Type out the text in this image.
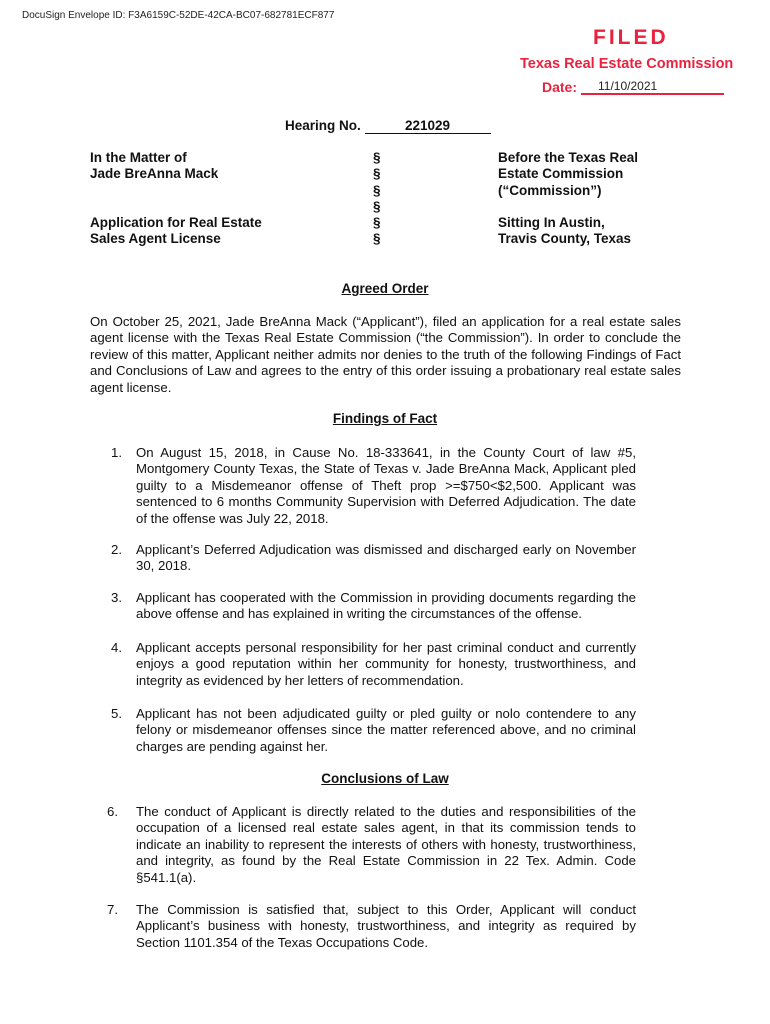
DocuSign Envelope ID: F3A6159C-52DE-42CA-BC07-682781ECF877
FILED
Texas Real Estate Commission
Date: 11/10/2021
Hearing No.	221029
In the Matter of
Jade BreAnna Mack
Application for Real Estate
Sales Agent License
§
§
§
§
§
§
Before the Texas Real
Estate Commission
(“Commission”)
Sitting In Austin,
Travis County, Texas
Agreed Order
On October 25, 2021, Jade BreAnna Mack (“Applicant”), filed an application for a real estate sales agent license with the Texas Real Estate Commission (“the Commission”). In order to conclude the review of this matter, Applicant neither admits nor denies to the truth of the following Findings of Fact and Conclusions of Law and agrees to the entry of this order issuing a probationary real estate sales agent license.
Findings of Fact
1. On August 15, 2018, in Cause No. 18-333641, in the County Court of law #5, Montgomery County Texas, the State of Texas v. Jade BreAnna Mack, Applicant pled guilty to a Misdemeanor offense of Theft prop >=$750<$2,500. Applicant was sentenced to 6 months Community Supervision with Deferred Adjudication. The date of the offense was July 22, 2018.
2. Applicant’s Deferred Adjudication was dismissed and discharged early on November 30, 2018.
3. Applicant has cooperated with the Commission in providing documents regarding the above offense and has explained in writing the circumstances of the offense.
4. Applicant accepts personal responsibility for her past criminal conduct and currently enjoys a good reputation within her community for honesty, trustworthiness, and integrity as evidenced by her letters of recommendation.
5. Applicant has not been adjudicated guilty or pled guilty or nolo contendere to any felony or misdemeanor offenses since the matter referenced above, and no criminal charges are pending against her.
Conclusions of Law
6. The conduct of Applicant is directly related to the duties and responsibilities of the occupation of a licensed real estate sales agent, in that its commission tends to indicate an inability to represent the interests of others with honesty, trustworthiness, and integrity, as found by the Real Estate Commission in 22 Tex. Admin. Code §541.1(a).
7. The Commission is satisfied that, subject to this Order, Applicant will conduct Applicant’s business with honesty, trustworthiness, and integrity as required by Section 1101.354 of the Texas Occupations Code.
